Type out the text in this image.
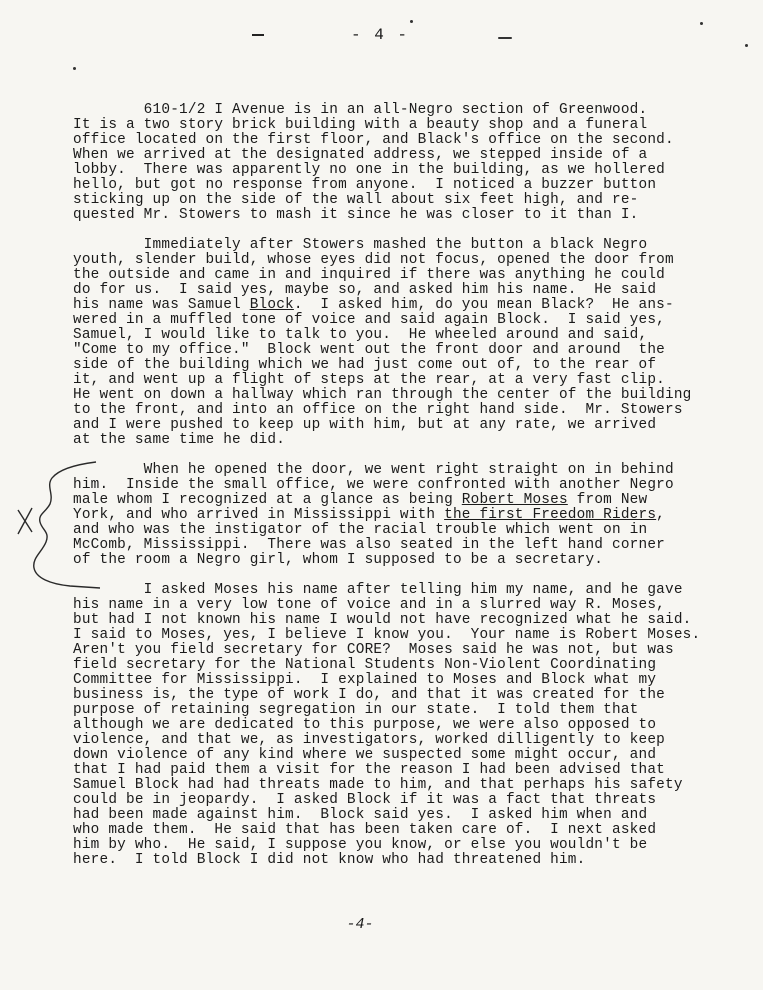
- 4 -

610-1/2 I Avenue is in an all-Negro section of Greenwood.
It is a two story brick building with a beauty shop and a funeral
office located on the first floor, and Black's office on the second.
When we arrived at the designated address, we stepped inside of a
lobby.  There was apparently no one in the building, as we hollered
hello, but got no response from anyone.  I noticed a buzzer button
sticking up on the side of the wall about six feet high, and re-
quested Mr. Stowers to mash it since he was closer to it than I.

Immediately after Stowers mashed the button a black Negro
youth, slender build, whose eyes did not focus, opened the door from
the outside and came in and inquired if there was anything he could
do for us.  I said yes, maybe so, and asked him his name.  He said
his name was Samuel Block.  I asked him, do you mean Black?  He ans-
wered in a muffled tone of voice and said again Block.  I said yes,
Samuel, I would like to talk to you.  He wheeled around and said,
"Come to my office."  Block went out the front door and around  the
side of the building which we had just come out of, to the rear of
it, and went up a flight of steps at the rear, at a very fast clip.
He went on down a hallway which ran through the center of the building
to the front, and into an office on the right hand side.  Mr. Stowers
and I were pushed to keep up with him, but at any rate, we arrived
at the same time he did.

When he opened the door, we went right straight on in behind
him.  Inside the small office, we were confronted with another Negro
male whom I recognized at a glance as being Robert Moses from New
York, and who arrived in Mississippi with the first Freedom Riders,
and who was the instigator of the racial trouble which went on in
McComb, Mississippi.  There was also seated in the left hand corner
of the room a Negro girl, whom I supposed to be a secretary.

I asked Moses his name after telling him my name, and he gave
his name in a very low tone of voice and in a slurred way R. Moses,
but had I not known his name I would not have recognized what he said.
I said to Moses, yes, I believe I know you.  Your name is Robert Moses.
Aren't you field secretary for CORE?  Moses said he was not, but was
field secretary for the National Students Non-Violent Coordinating
Committee for Mississippi.  I explained to Moses and Block what my
business is, the type of work I do, and that it was created for the
purpose of retaining segregation in our state.  I told them that
although we are dedicated to this purpose, we were also opposed to
violence, and that we, as investigators, worked dilligently to keep
down violence of any kind where we suspected some might occur, and
that I had paid them a visit for the reason I had been advised that
Samuel Block had had threats made to him, and that perhaps his safety
could be in jeopardy.  I asked Block if it was a fact that threats
had been made against him.  Block said yes.  I asked him when and
who made them.  He said that has been taken care of.  I next asked
him by who.  He said, I suppose you know, or else you wouldn't be
here.  I told Block I did not know who had threatened him.

-4-
